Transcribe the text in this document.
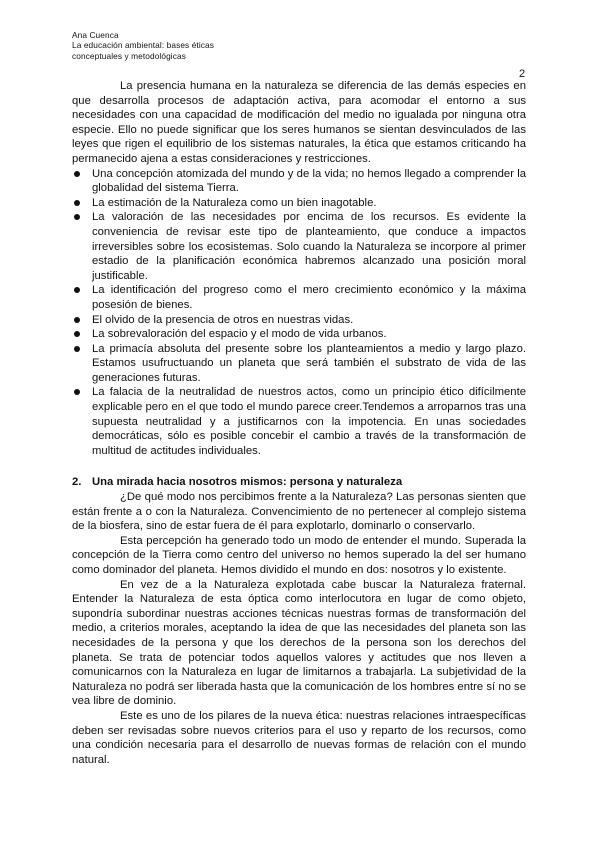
Ana Cuenca
La educación ambiental: bases éticas
conceptuales y metodológicas
2

La presencia humana en la naturaleza se diferencia de las demás especies en que desarrolla procesos de adaptación activa, para acomodar el entorno a sus necesidades con una capacidad de modificación del medio no igualada por ninguna otra especie. Ello no puede significar que los seres humanos se sientan desvinculados de las leyes que rigen el equilibrio de los sistemas naturales, la ética que estamos criticando ha permanecido ajena a estas consideraciones y restricciones.

Una concepción atomizada del mundo y de la vida; no hemos llegado a comprender la globalidad del sistema Tierra.
La estimación de la Naturaleza como un bien inagotable.
La valoración de las necesidades por encima de los recursos. Es evidente la conveniencia de revisar este tipo de planteamiento, que conduce a impactos irreversibles sobre los ecosistemas. Solo cuando la Naturaleza se incorpore al primer estadio de la planificación económica habremos alcanzado una posición moral justificable.
La identificación del progreso como el mero crecimiento económico y la máxima posesión de bienes.
El olvido de la presencia de otros en nuestras vidas.
La sobrevaloración del espacio y el modo de vida urbanos.
La primacía absoluta del presente sobre los planteamientos a medio y largo plazo. Estamos usufructuando un planeta que será también el substrato de vida de las generaciones futuras.
La falacia de la neutralidad de nuestros actos, como un principio ético difícilmente explicable pero en el que todo el mundo parece creer.Tendemos a arroparnos tras una supuesta neutralidad y a justificarnos con la impotencia. En unas sociedades democráticas, sólo es posible concebir el cambio a través de la transformación de multitud de actitudes individuales.
2. Una mirada hacia nosotros mismos: persona y naturaleza

¿De qué modo nos percibimos frente a la Naturaleza? Las personas sienten que están frente a o con la Naturaleza. Convencimiento de no pertenecer al complejo sistema de la biosfera, sino de estar fuera de él para explotarlo, dominarlo o conservarlo.

Esta percepción ha generado todo un modo de entender el mundo. Superada la concepción de la Tierra como centro del universo no hemos superado la del ser humano como dominador del planeta. Hemos dividido el mundo en dos: nosotros y lo existente.

En vez de a la Naturaleza explotada cabe buscar la Naturaleza fraternal. Entender la Naturaleza de esta óptica como interlocutora en lugar de como objeto, supondría subordinar nuestras acciones técnicas nuestras formas de transformación del medio, a criterios morales, aceptando la idea de que las necesidades del planeta son las necesidades de la persona y que los derechos de la persona son los derechos del planeta. Se trata de potenciar todos aquellos valores y actitudes que nos lleven a comunicarnos con la Naturaleza en lugar de limitarnos a trabajarla. La subjetividad de la Naturaleza no podrá ser liberada hasta que la comunicación de los hombres entre sí no se vea libre de dominio.

Este es uno de los pilares de la nueva ética: nuestras relaciones intraespecíficas deben ser revisadas sobre nuevos criterios para el uso y reparto de los recursos, como una condición necesaria para el desarrollo de nuevas formas de relación con el mundo natural.
